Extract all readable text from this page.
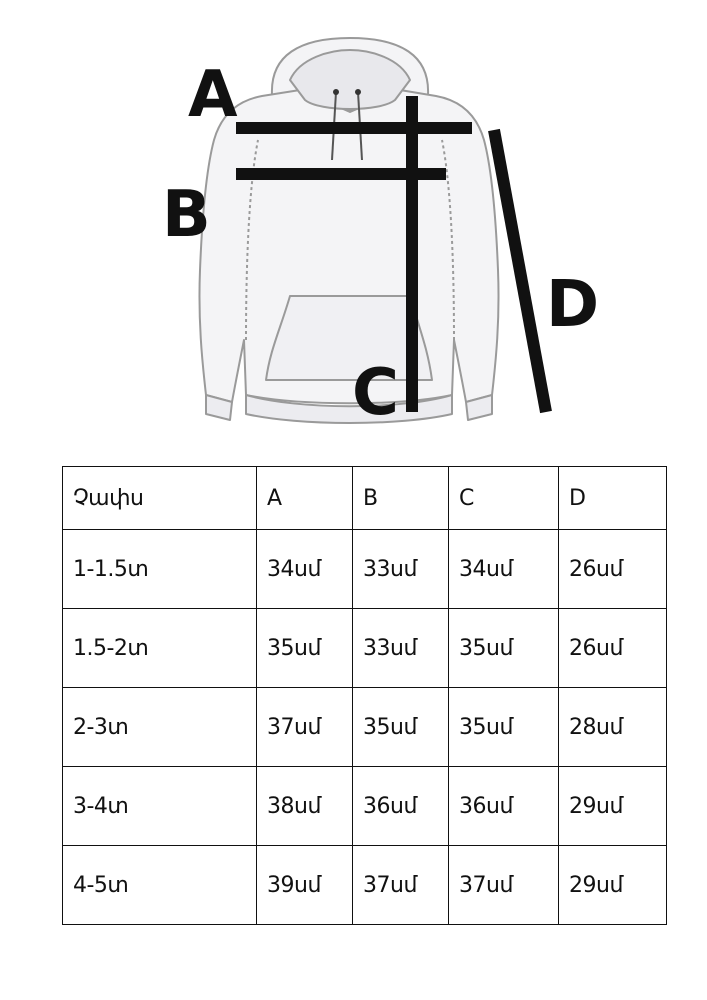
A
B
C
D
Չափս	A	B	C	D
1-1.5տ	34սմ	33սմ	34սմ	26սմ
1.5-2տ	35սմ	33սմ	35սմ	26սմ
2-3տ	37սմ	35սմ	35սմ	28սմ
3-4տ	38սմ	36սմ	36սմ	29սմ
4-5տ	39սմ	37սմ	37սմ	29սմ
